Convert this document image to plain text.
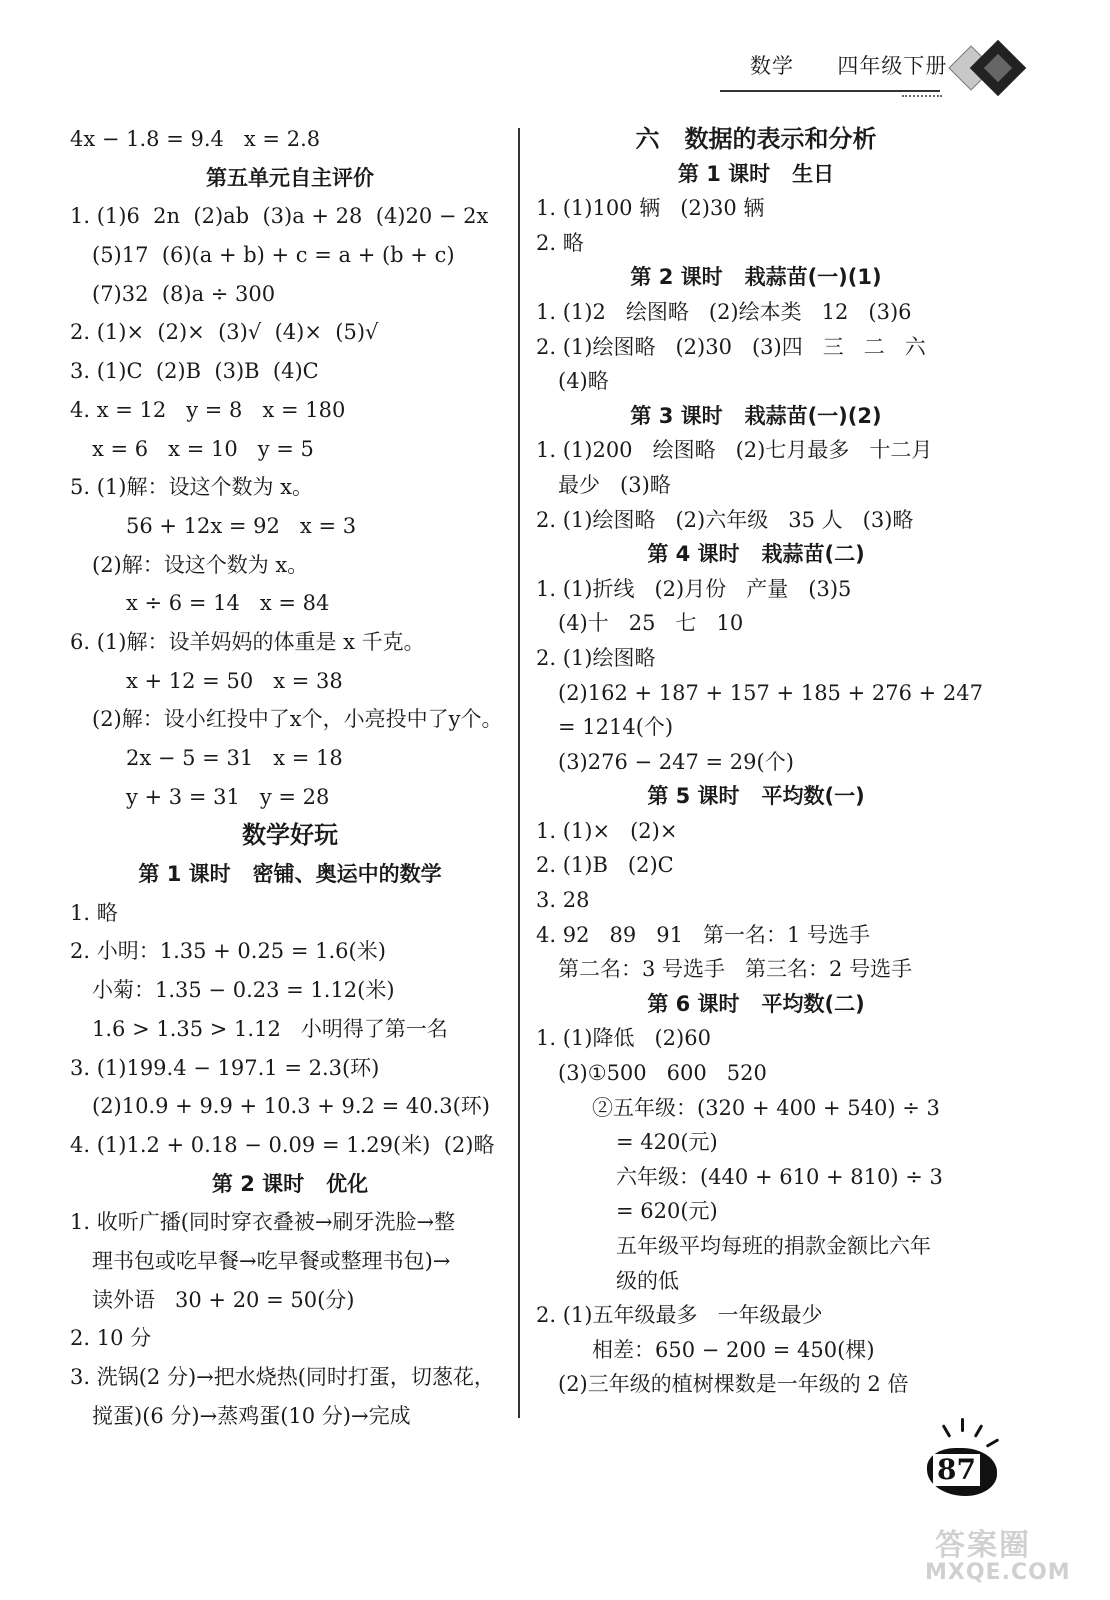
数学  四年级下册
4x − 1.8 = 9.4   x = 2.8
第五单元自主评价
1. (1)6  2n  (2)ab  (3)a + 28  (4)20 − 2x
(5)17  (6)(a + b) + c = a + (b + c)
(7)32  (8)a ÷ 300
2. (1)×  (2)×  (3)√  (4)×  (5)√
3. (1)C  (2)B  (3)B  (4)C
4. x = 12   y = 8   x = 180
x = 6   x = 10   y = 5
5. (1)解：设这个数为 x。
56 + 12x = 92   x = 3
(2)解：设这个数为 x。
x ÷ 6 = 14   x = 84
6. (1)解：设羊妈妈的体重是 x 千克。
x + 12 = 50   x = 38
(2)解：设小红投中了x个，小亮投中了y个。
2x − 5 = 31   x = 18
y + 3 = 31   y = 28
数学好玩
第 1 课时   密铺、奥运中的数学
1. 略
2. 小明：1.35 + 0.25 = 1.6(米)
小菊：1.35 − 0.23 = 1.12(米)
1.6 > 1.35 > 1.12   小明得了第一名
3. (1)199.4 − 197.1 = 2.3(环)
(2)10.9 + 9.9 + 10.3 + 9.2 = 40.3(环)
4. (1)1.2 + 0.18 − 0.09 = 1.29(米)  (2)略
第 2 课时   优化
1. 收听广播(同时穿衣叠被→刷牙洗脸→整
理书包或吃早餐→吃早餐或整理书包)→
读外语   30 + 20 = 50(分)
2. 10 分
3. 洗锅(2 分)→把水烧热(同时打蛋，切葱花，
搅蛋)(6 分)→蒸鸡蛋(10 分)→完成
六   数据的表示和分析
第 1 课时   生日
1. (1)100 辆   (2)30 辆
2. 略
第 2 课时   栽蒜苗(一)(1)
1. (1)2   绘图略   (2)绘本类   12   (3)6
2. (1)绘图略   (2)30   (3)四   三   二   六
(4)略
第 3 课时   栽蒜苗(一)(2)
1. (1)200   绘图略   (2)七月最多   十二月
最少   (3)略
2. (1)绘图略   (2)六年级   35 人   (3)略
第 4 课时   栽蒜苗(二)
1. (1)折线   (2)月份   产量   (3)5
(4)十   25   七   10
2. (1)绘图略
(2)162 + 187 + 157 + 185 + 276 + 247
= 1214(个)
(3)276 − 247 = 29(个)
第 5 课时   平均数(一)
1. (1)×   (2)×
2. (1)B   (2)C
3. 28
4. 92   89   91   第一名：1 号选手
第二名：3 号选手   第三名：2 号选手
第 6 课时   平均数(二)
1. (1)降低   (2)60
(3)①500   600   520
②五年级：(320 + 400 + 540) ÷ 3
= 420(元)
六年级：(440 + 610 + 810) ÷ 3
= 620(元)
五年级平均每班的捐款金额比六年
级的低
2. (1)五年级最多   一年级最少
相差：650 − 200 = 450(棵)
(2)三年级的植树棵数是一年级的 2 倍
87
答案圈
MXQE.COM
